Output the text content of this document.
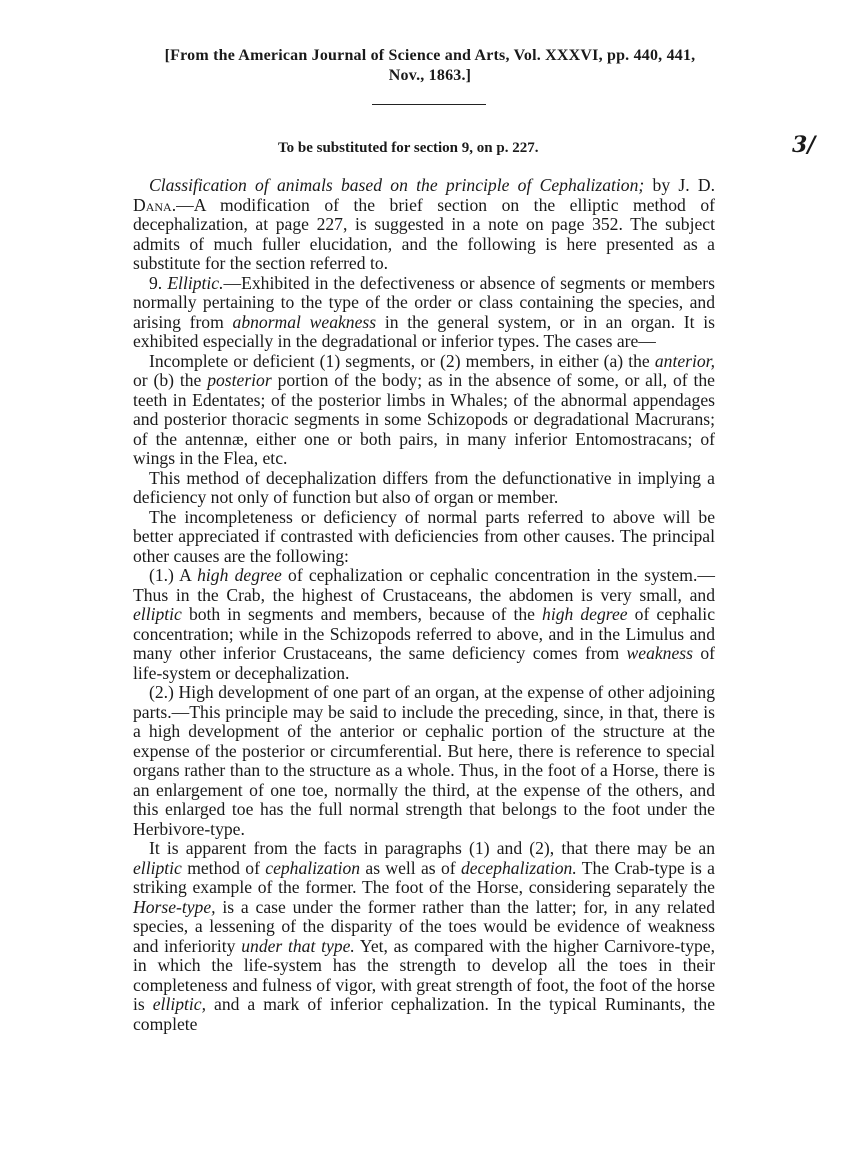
[From the American Journal of Science and Arts, Vol. XXXVI, pp. 440, 441,
Nov., 1863.]
To be substituted for section 9, on p. 227.	3/

Classification of animals based on the principle of Cephalization; by J. D. Dana.—A modification of the brief section on the elliptic method of decephalization, at page 227, is suggested in a note on page 352. The subject admits of much fuller elucidation, and the following is here presented as a substitute for the section referred to.

9. Elliptic.—Exhibited in the defectiveness or absence of segments or members normally pertaining to the type of the order or class containing the species, and arising from abnormal weakness in the general system, or in an organ. It is exhibited especially in the degradational or inferior types. The cases are—

Incomplete or deficient (1) segments, or (2) members, in either (a) the anterior, or (b) the posterior portion of the body; as in the absence of some, or all, of the teeth in Edentates; of the posterior limbs in Whales; of the abnormal appendages and posterior thoracic segments in some Schizopods or degradational Macrurans; of the antennæ, either one or both pairs, in many inferior Entomostracans; of wings in the Flea, etc.

This method of decephalization differs from the defunctionative in implying a deficiency not only of function but also of organ or member.

The incompleteness or deficiency of normal parts referred to above will be better appreciated if contrasted with deficiencies from other causes. The principal other causes are the following:

(1.) A high degree of cephalization or cephalic concentration in the system.—Thus in the Crab, the highest of Crustaceans, the abdomen is very small, and elliptic both in segments and members, because of the high degree of cephalic concentration; while in the Schizopods referred to above, and in the Limulus and many other inferior Crustaceans, the same deficiency comes from weakness of life-system or decephalization.

(2.) High development of one part of an organ, at the expense of other adjoining parts.—This principle may be said to include the preceding, since, in that, there is a high development of the anterior or cephalic portion of the structure at the expense of the posterior or circumferential. But here, there is reference to special organs rather than to the structure as a whole. Thus, in the foot of a Horse, there is an enlargement of one toe, normally the third, at the expense of the others, and this enlarged toe has the full normal strength that belongs to the foot under the Herbivore-type.

It is apparent from the facts in paragraphs (1) and (2), that there may be an elliptic method of cephalization as well as of decephalization. The Crab-type is a striking example of the former. The foot of the Horse, considering separately the Horse-type, is a case under the former rather than the latter; for, in any related species, a lessening of the disparity of the toes would be evidence of weakness and inferiority under that type. Yet, as compared with the higher Carnivore-type, in which the life-system has the strength to develop all the toes in their completeness and fulness of vigor, with great strength of foot, the foot of the horse is elliptic, and a mark of inferior cephalization. In the typical Ruminants, the complete
